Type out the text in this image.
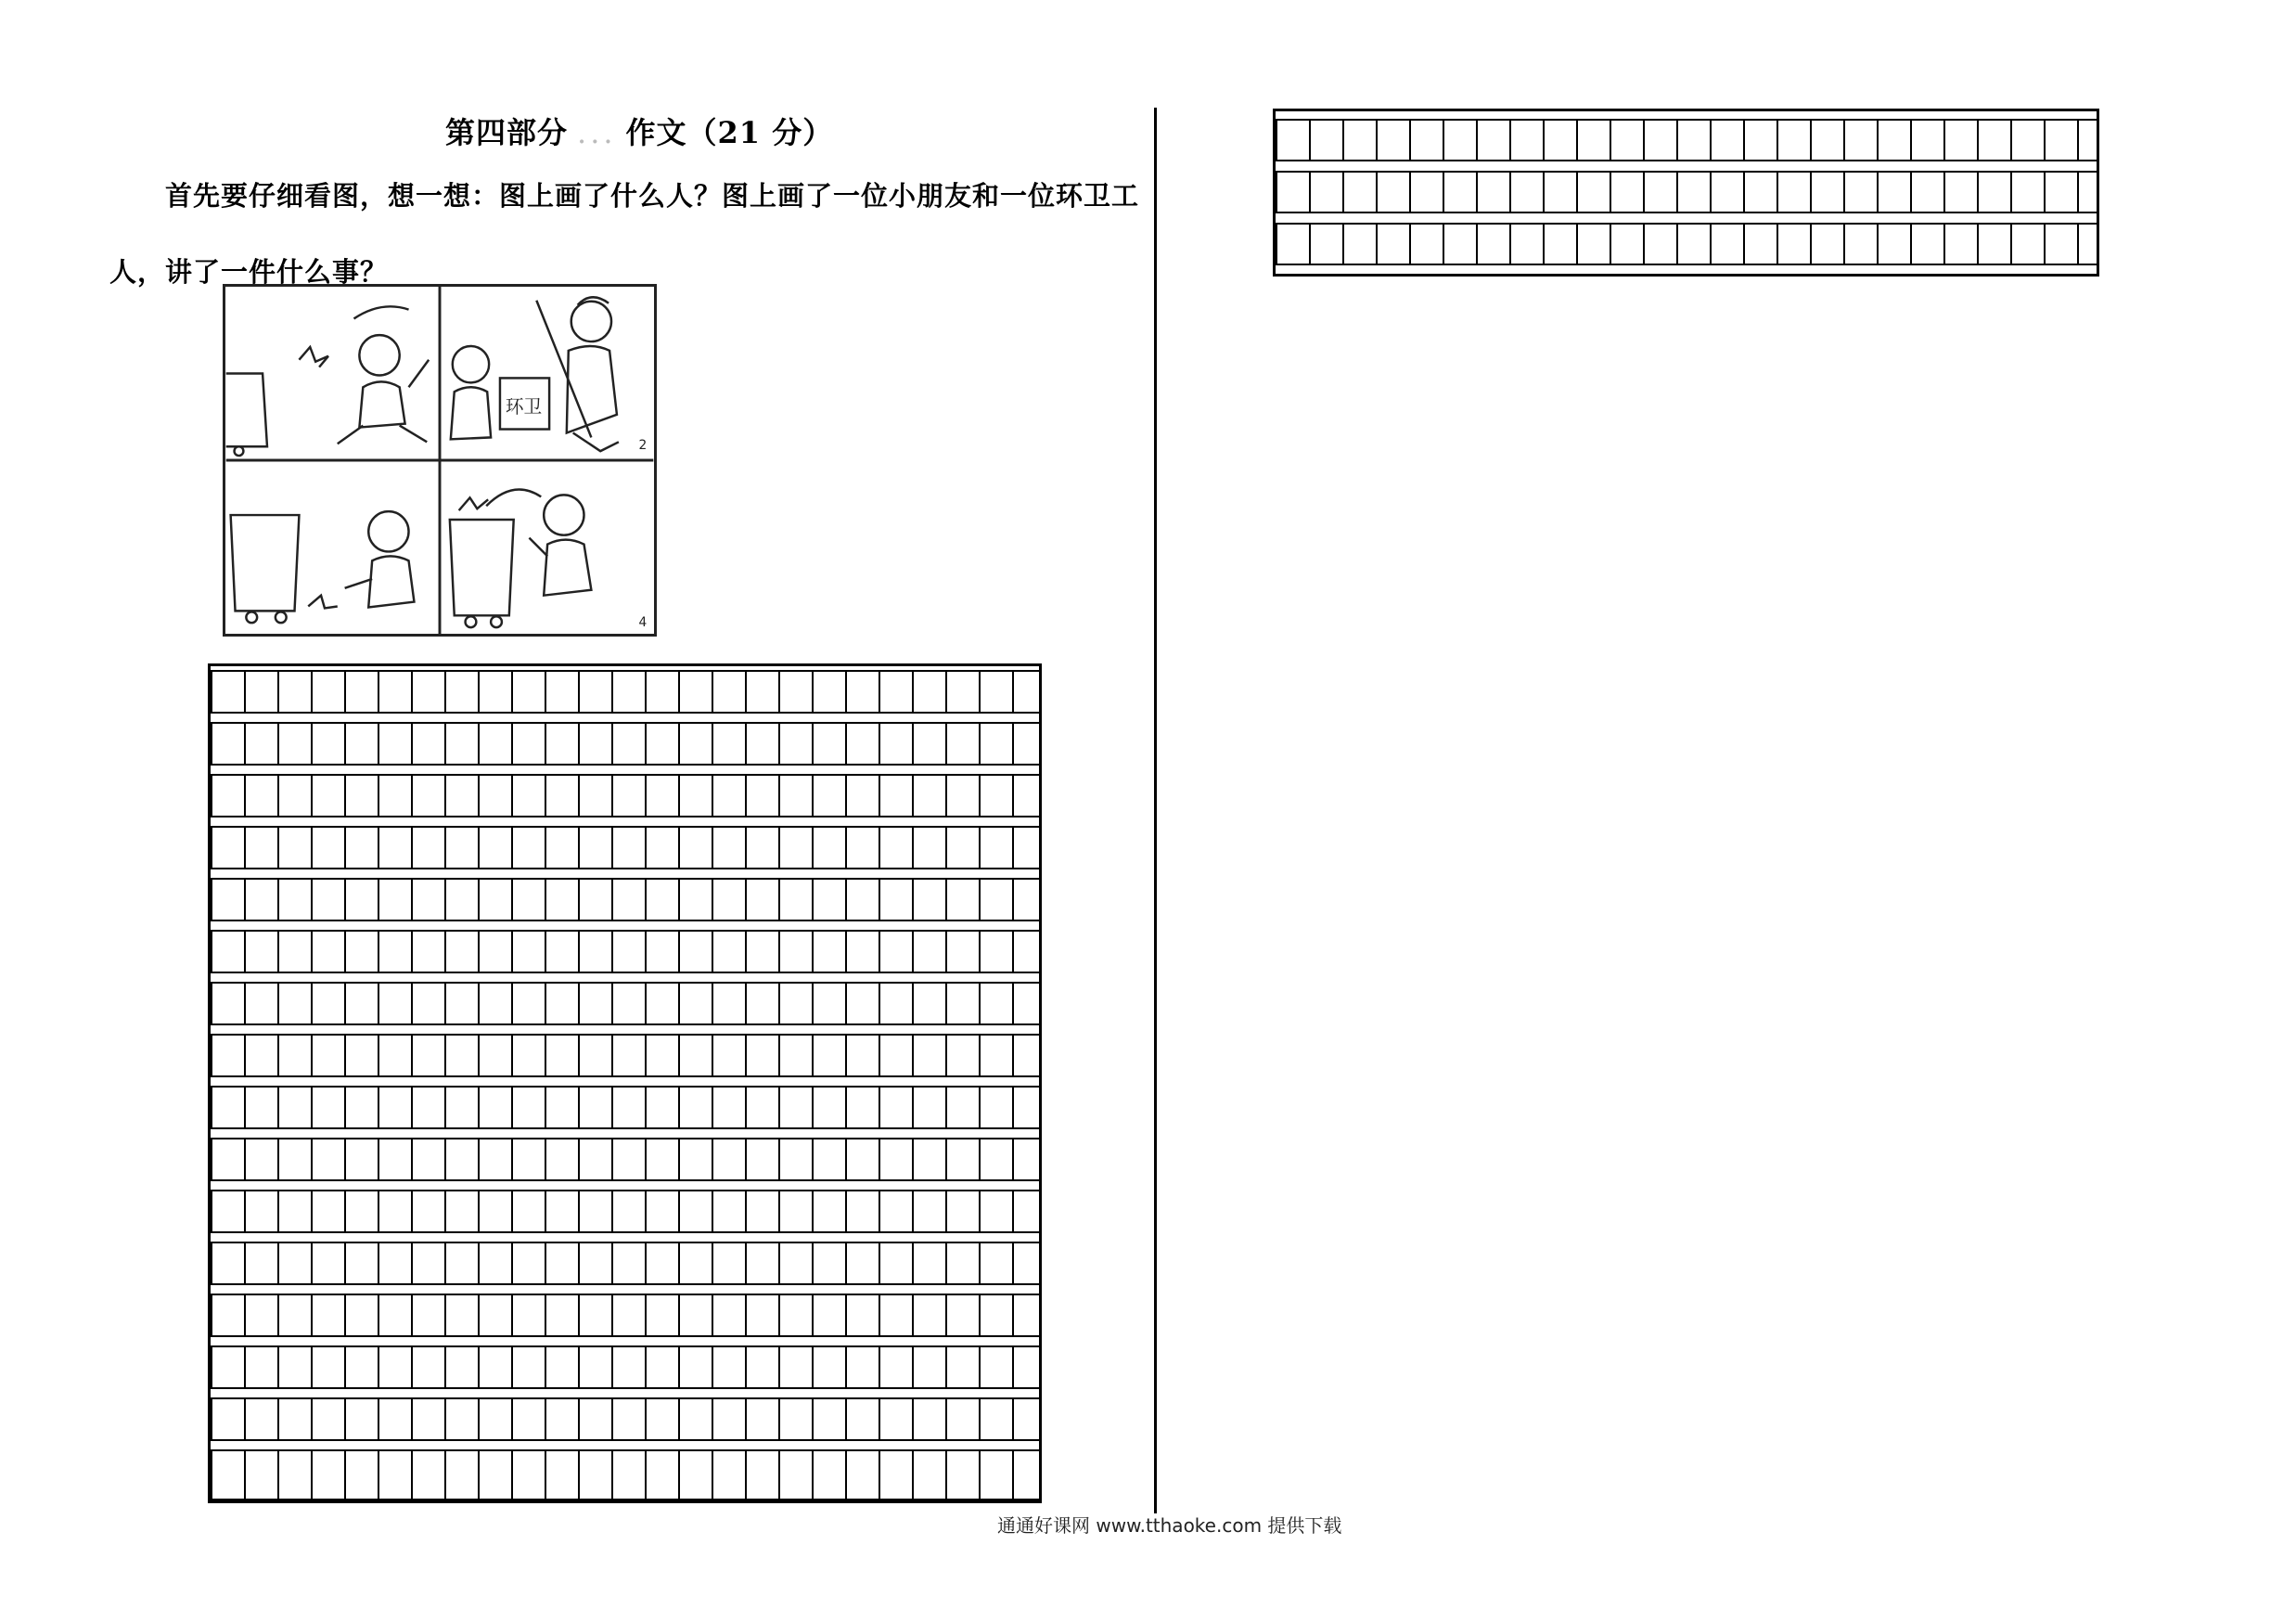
第四部分 ... 作文（21 分）
首先要仔细看图，想一想：图上画了什么人？图上画了一位小朋友和一位环卫工人，讲了一件什么事？
环卫
2
4
通通好课网 www.tthaoke.com 提供下载
